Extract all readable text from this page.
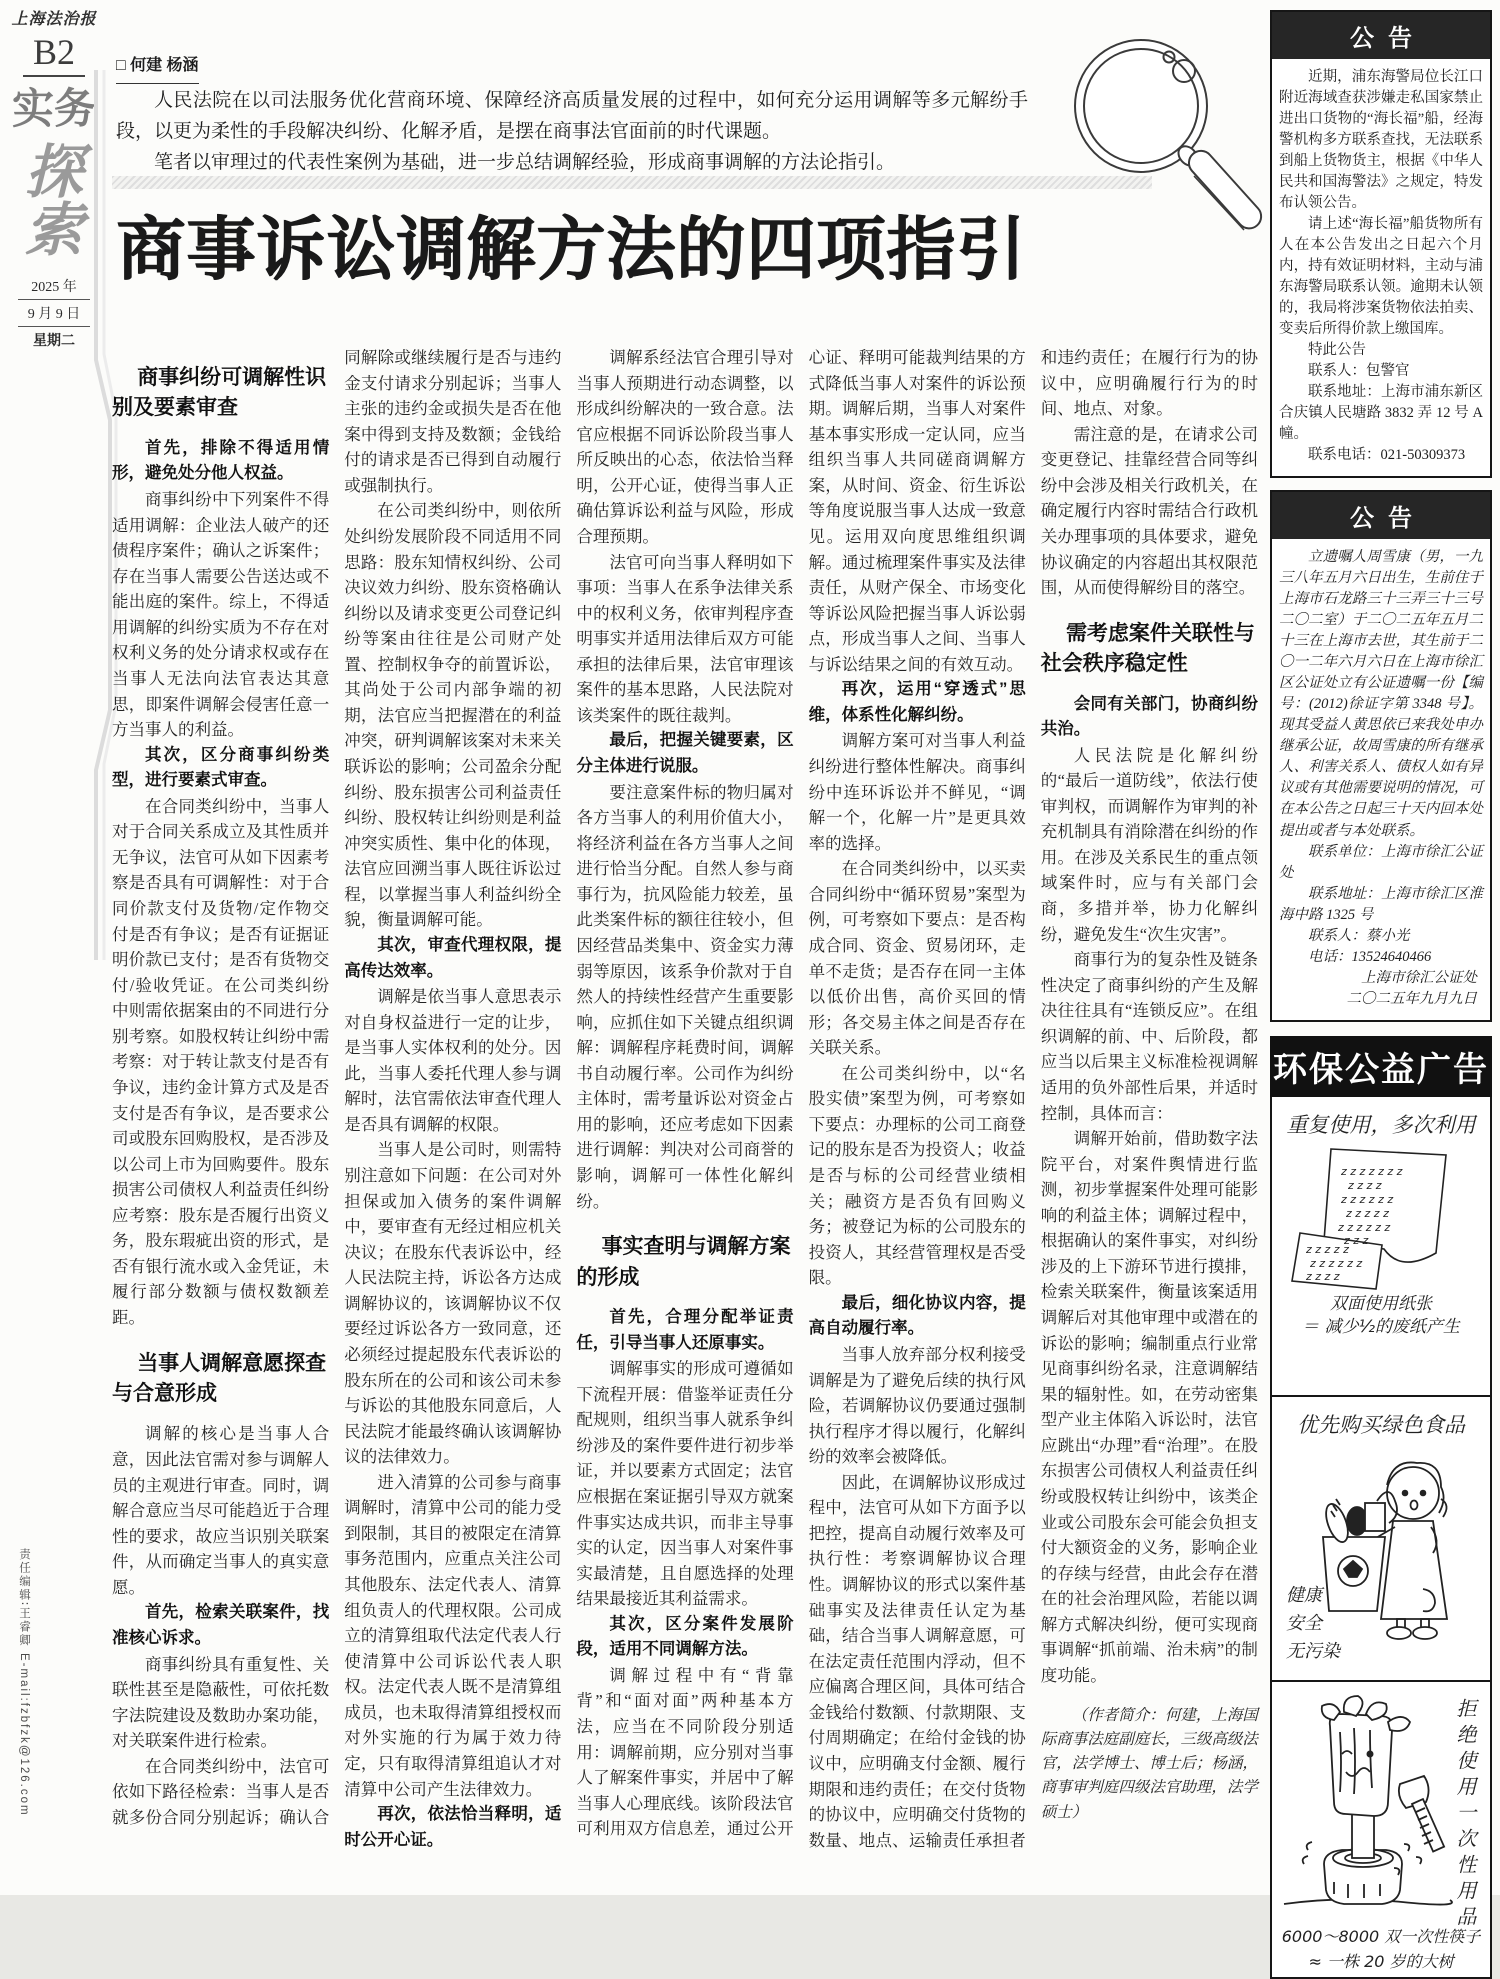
上海法治报
B2
实务
探索
2025 年
9 月 9 日
星期二
责任编辑∶王睿卿 E-mail:fzbfzk@126.com
□ 何建 杨涵

人民法院在以司法服务优化营商环境、保障经济高质量发展的过程中，如何充分运用调解等多元解纷手段，以更为柔性的手段解决纠纷、化解矛盾，是摆在商事法官面前的时代课题。

笔者以审理过的代表性案例为基础，进一步总结调解经验，形成商事调解的方法论指引。

商事诉讼调解方法的四项指引
商事纠纷可调解性识别及要素审查

首先，排除不得适用情形，避免处分他人权益。

商事纠纷中下列案件不得适用调解：企业法人破产的还债程序案件；确认之诉案件；存在当事人需要公告送达或不能出庭的案件。综上，不得适用调解的纠纷实质为不存在对权利义务的处分请求权或存在当事人无法向法官表达其意思，即案件调解会侵害任意一方当事人的利益。

其次，区分商事纠纷类型，进行要素式审查。

在合同类纠纷中，当事人对于合同关系成立及其性质并无争议，法官可从如下因素考察是否具有可调解性：对于合同价款支付及货物/定作物交付是否有争议；是否有证据证明价款已支付；是否有货物交付/验收凭证。在公司类纠纷中则需依据案由的不同进行分别考察。如股权转让纠纷中需考察：对于转让款支付是否有争议，违约金计算方式及是否支付是否有争议，是否要求公司或股东回购股权，是否涉及以公司上市为回购要件。股东损害公司债权人利益责任纠纷应考察：股东是否履行出资义务，股东瑕疵出资的形式，是否有银行流水或入金凭证，未履行部分数额与债权数额差距。

当事人调解意愿探查与合意形成

调解的核心是当事人合意，因此法官需对参与调解人员的主观进行审查。同时，调解合意应当尽可能趋近于合理性的要求，故应当识别关联案件，从而确定当事人的真实意愿。

首先，检索关联案件，找准核心诉求。

商事纠纷具有重复性、关联性甚至是隐蔽性，可依托数字法院建设及数助办案功能，对关联案件进行检索。

在合同类纠纷中，法官可依如下路径检索：当事人是否就多份合同分别起诉；确认合同解除或继续履行是否与违约金支付请求分别起诉；当事人主张的违约金或损失是否在他案中得到支持及数额；金钱给付的请求是否已得到自动履行或强制执行。

在公司类纠纷中，则依所处纠纷发展阶段不同适用不同思路：股东知情权纠纷、公司决议效力纠纷、股东资格确认纠纷以及请求变更公司登记纠纷等案由往往是公司财产处置、控制权争夺的前置诉讼，其尚处于公司内部争端的初期，法官应当把握潜在的利益冲突，研判调解该案对未来关联诉讼的影响；公司盈余分配纠纷、股东损害公司利益责任纠纷、股权转让纠纷则是利益冲突实质性、集中化的体现，法官应回溯当事人既往诉讼过程，以掌握当事人利益纠纷全貌，衡量调解可能。

其次，审查代理权限，提高传达效率。

调解是依当事人意思表示对自身权益进行一定的让步，是当事人实体权利的处分。因此，当事人委托代理人参与调解时，法官需依法审查代理人是否具有调解的权限。

当事人是公司时，则需特别注意如下问题：在公司对外担保或加入债务的案件调解中，要审查有无经过相应机关决议；在股东代表诉讼中，经人民法院主持，诉讼各方达成调解协议的，该调解协议不仅要经过诉讼各方一致同意，还必须经过提起股东代表诉讼的股东所在的公司和该公司未参与诉讼的其他股东同意后，人民法院才能最终确认该调解协议的法律效力。

进入清算的公司参与商事调解时，清算中公司的能力受到限制，其目的被限定在清算事务范围内，应重点关注公司其他股东、法定代表人、清算组负责人的代理权限。公司成立的清算组取代法定代表人行使清算中公司诉讼代表人职权。法定代表人既不是清算组成员，也未取得清算组授权而对外实施的行为属于效力待定，只有取得清算组追认才对清算中公司产生法律效力。

再次，依法恰当释明，适时公开心证。

调解系经法官合理引导对当事人预期进行动态调整，以形成纠纷解决的一致合意。法官应根据不同诉讼阶段当事人所反映出的心态，依法恰当释明，公开心证，使得当事人正确估算诉讼利益与风险，形成合理预期。

法官可向当事人释明如下事项：当事人在系争法律关系中的权利义务，依审判程序查明事实并适用法律后双方可能承担的法律后果，法官审理该案件的基本思路，人民法院对该类案件的既往裁判。

最后，把握关键要素，区分主体进行说服。

要注意案件标的物归属对各方当事人的利用价值大小，将经济利益在各方当事人之间进行恰当分配。自然人参与商事行为，抗风险能力较差，虽此类案件标的额往往较小，但因经营品类集中、资金实力薄弱等原因，该系争价款对于自然人的持续性经营产生重要影响，应抓住如下关键点组织调解：调解程序耗费时间，调解书自动履行率。公司作为纠纷主体时，需考量诉讼对资金占用的影响，还应考虑如下因素进行调解：判决对公司商誉的影响，调解可一体性化解纠纷。

事实查明与调解方案的形成

首先，合理分配举证责任，引导当事人还原事实。

调解事实的形成可遵循如下流程开展：借鉴举证责任分配规则，组织当事人就系争纠纷涉及的案件要件进行初步举证，并以要素方式固定；法官应根据在案证据引导双方就案件事实达成共识，而非主导事实的认定，因当事人对案件事实最清楚，且自愿选择的处理结果最接近其利益需求。

其次，区分案件发展阶段，适用不同调解方法。

调解过程中有“背靠背”和“面对面”两种基本方法，应当在不同阶段分别适用：调解前期，应分别对当事人了解案件事实，并居中了解当事人心理底线。该阶段法官可利用双方信息差，通过公开心证、释明可能裁判结果的方式降低当事人对案件的诉讼预期。调解后期，当事人对案件基本事实形成一定认同，应当组织当事人共同磋商调解方案，从时间、资金、衍生诉讼等角度说服当事人达成一致意见。运用双向度思维组织调解。通过梳理案件事实及法律责任，从财产保全、市场变化等诉讼风险把握当事人诉讼弱点，形成当事人之间、当事人与诉讼结果之间的有效互动。

再次，运用“穿透式”思维，体系性化解纠纷。

调解方案可对当事人利益纠纷进行整体性解决。商事纠纷中连环诉讼并不鲜见，“调解一个，化解一片”是更具效率的选择。

在合同类纠纷中，以买卖合同纠纷中“循环贸易”案型为例，可考察如下要点：是否构成合同、资金、贸易闭环，走单不走货；是否存在同一主体以低价出售，高价买回的情形；各交易主体之间是否存在关联关系。

在公司类纠纷中，以“名股实债”案型为例，可考察如下要点：办理标的公司工商登记的股东是否为投资人；收益是否与标的公司经营业绩相关；融资方是否负有回购义务；被登记为标的公司股东的投资人，其经营管理权是否受限。

最后，细化协议内容，提高自动履行率。

当事人放弃部分权利接受调解是为了避免后续的执行风险，若调解协议仍要通过强制执行程序才得以履行，化解纠纷的效率会被降低。

因此，在调解协议形成过程中，法官可从如下方面予以把控，提高自动履行效率及可执行性：考察调解协议合理性。调解协议的形式以案件基础事实及法律责任认定为基础，结合当事人调解意愿，可在法定责任范围内浮动，但不应偏离合理区间，具体可结合金钱给付数额、付款期限、支付周期确定；在给付金钱的协议中，应明确支付金额、履行期限和违约责任；在交付货物的协议中，应明确交付货物的数量、地点、运输责任承担者和违约责任；在履行行为的协议中，应明确履行行为的时间、地点、对象。

需注意的是，在请求公司变更登记、挂靠经营合同等纠纷中会涉及相关行政机关，在确定履行内容时需结合行政机关办理事项的具体要求，避免协议确定的内容超出其权限范围，从而使得解纷目的落空。

需考虑案件关联性与社会秩序稳定性

会同有关部门，协商纠纷共治。

人民法院是化解纠纷的“最后一道防线”，依法行使审判权，而调解作为审判的补充机制具有消除潜在纠纷的作用。在涉及关系民生的重点领域案件时，应与有关部门会商，多措并举，协力化解纠纷，避免发生“次生灾害”。

商事行为的复杂性及链条性决定了商事纠纷的产生及解决往往具有“连锁反应”。在组织调解的前、中、后阶段，都应当以后果主义标准检视调解适用的负外部性后果，并适时控制，具体而言：

调解开始前，借助数字法院平台，对案件舆情进行监测，初步掌握案件处理可能影响的利益主体；调解过程中，根据确认的案件事实，对纠纷涉及的上下游环节进行摸排，检索关联案件，衡量该案适用调解后对其他审理中或潜在的诉讼的影响；编制重点行业常见商事纠纷名录，注意调解结果的辐射性。如，在劳动密集型产业主体陷入诉讼时，法官应跳出“办理”看“治理”。在股东损害公司债权人利益责任纠纷或股权转让纠纷中，该类企业或公司股东会可能会负担支付大额资金的义务，影响企业的存续与经营，由此会存在潜在的社会治理风险，若能以调解方式解决纠纷，便可实现商事调解“抓前端、治未病”的制度功能。

（作者简介：何建，上海国际商事法庭副庭长，三级高级法官，法学博士、博士后；杨涵，商事审判庭四级法官助理，法学硕士）

公告

近期，浦东海警局位长江口附近海域查获涉嫌走私国家禁止进出口货物的“海长福”船，经海警机构多方联系查找，无法联系到船上货物货主，根据《中华人民共和国海警法》之规定，特发布认领公告。

请上述“海长福”船货物所有人在本公告发出之日起六个月内，持有效证明材料，主动与浦东海警局联系认领。逾期未认领的，我局将涉案货物依法拍卖、变卖后所得价款上缴国库。

特此公告

联系人：包警官

联系地址：上海市浦东新区合庆镇人民塘路 3832 弄 12 号 A 幢。

联系电话：021-50309373

公告

立遗嘱人周雪康（男，一九三八年五月六日出生，生前住于上海市石龙路三十三弄三十三号二〇二室）于二〇二五年五月二十三在上海市去世，其生前于二〇一二年六月六日在上海市徐汇区公证处立有公证遗嘱一份【编号：(2012)徐证字第 3348 号】。现其受益人黄思依已来我处申办继承公证，故周雪康的所有继承人、利害关系人、债权人如有异议或有其他需要说明的情况，可在本公告之日起三十天内回本处提出或者与本处联系。

联系单位：上海市徐汇公证处

联系地址：上海市徐汇区淮海中路 1325 号

联系人：蔡小光

电话：13524640466

上海市徐汇公证处

二〇二五年九月九日

环保公益广告
重复使用，多次利用
z z z z z z z
z z z z
z z z z z z
z z z z z
z z z z z z
z z z
z z z z z
z z z z z z
z z z z
双面使用纸张
＝ 减少½的废纸产生
优先购买绿色食品
健康
安全
无污染
拒绝使用一次性用品
6000～8000 双一次性筷子
≈ 一株 20 岁的大树
